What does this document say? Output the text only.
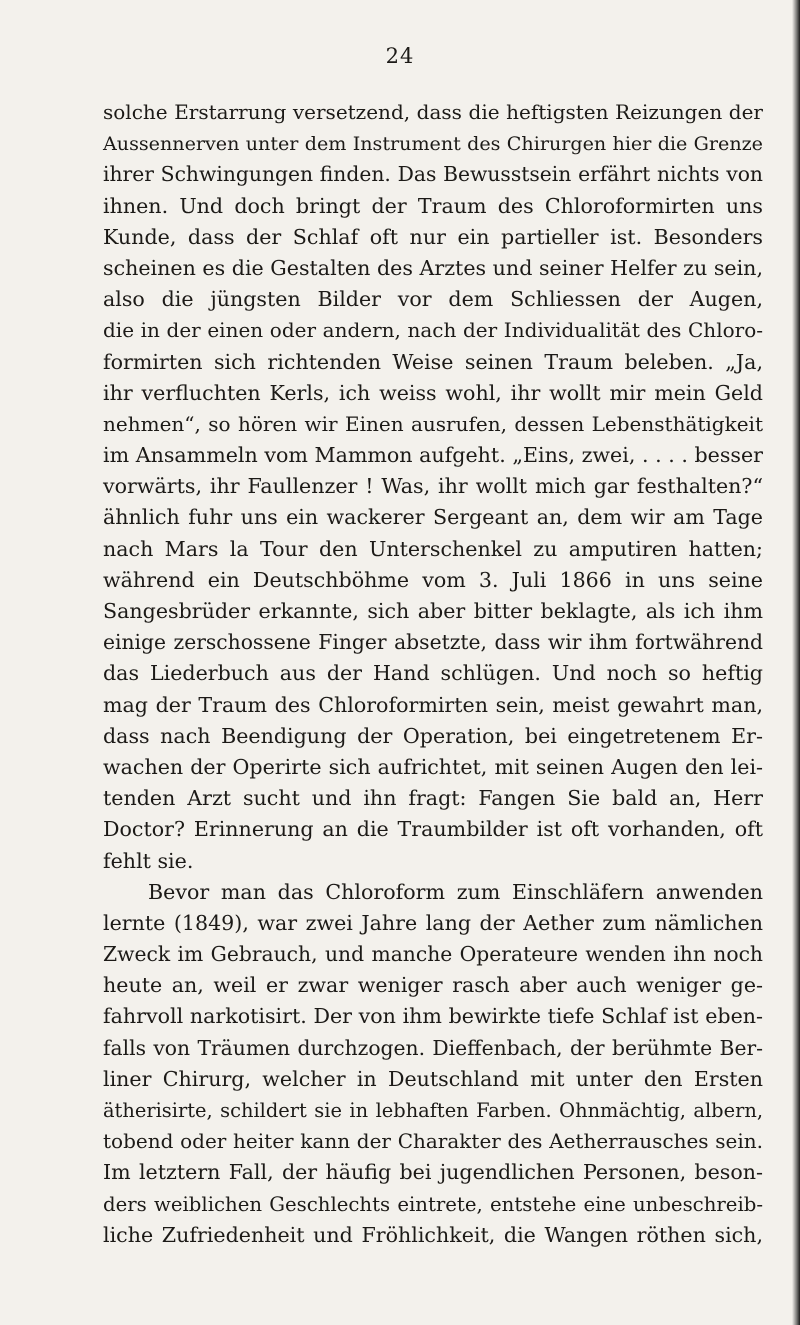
24
solche Erstarrung versetzend, dass die heftigsten Reizungen der
Aussennerven unter dem Instrument des Chirurgen hier die Grenze
ihrer Schwingungen finden. Das Bewusstsein erfährt nichts von
ihnen. Und doch bringt der Traum des Chloroformirten uns
Kunde, dass der Schlaf oft nur ein partieller ist. Besonders
scheinen es die Gestalten des Arztes und seiner Helfer zu sein,
also die jüngsten Bilder vor dem Schliessen der Augen,
die in der einen oder andern, nach der Individualität des Chloro-
formirten sich richtenden Weise seinen Traum beleben. „Ja,
ihr verfluchten Kerls, ich weiss wohl, ihr wollt mir mein Geld
nehmen“, so hören wir Einen ausrufen, dessen Lebensthätigkeit
im Ansammeln vom Mammon aufgeht. „Eins, zwei, . . . . besser
vorwärts, ihr Faullenzer ! Was, ihr wollt mich gar festhalten?“
ähnlich fuhr uns ein wackerer Sergeant an, dem wir am Tage
nach Mars la Tour den Unterschenkel zu amputiren hatten;
während ein Deutschböhme vom 3. Juli 1866 in uns seine
Sangesbrüder erkannte, sich aber bitter beklagte, als ich ihm
einige zerschossene Finger absetzte, dass wir ihm fortwährend
das Liederbuch aus der Hand schlügen. Und noch so heftig
mag der Traum des Chloroformirten sein, meist gewahrt man,
dass nach Beendigung der Operation, bei eingetretenem Er-
wachen der Operirte sich aufrichtet, mit seinen Augen den lei-
tenden Arzt sucht und ihn fragt: Fangen Sie bald an, Herr
Doctor? Erinnerung an die Traumbilder ist oft vorhanden, oft
fehlt sie.
Bevor man das Chloroform zum Einschläfern anwenden
lernte (1849), war zwei Jahre lang der Aether zum nämlichen
Zweck im Gebrauch, und manche Operateure wenden ihn noch
heute an, weil er zwar weniger rasch aber auch weniger ge-
fahrvoll narkotisirt. Der von ihm bewirkte tiefe Schlaf ist eben-
falls von Träumen durchzogen. Dieffenbach, der berühmte Ber-
liner Chirurg, welcher in Deutschland mit unter den Ersten
ätherisirte, schildert sie in lebhaften Farben. Ohnmächtig, albern,
tobend oder heiter kann der Charakter des Aetherrausches sein.
Im letztern Fall, der häufig bei jugendlichen Personen, beson-
ders weiblichen Geschlechts eintrete, entstehe eine unbeschreib-
liche Zufriedenheit und Fröhlichkeit, die Wangen röthen sich,
